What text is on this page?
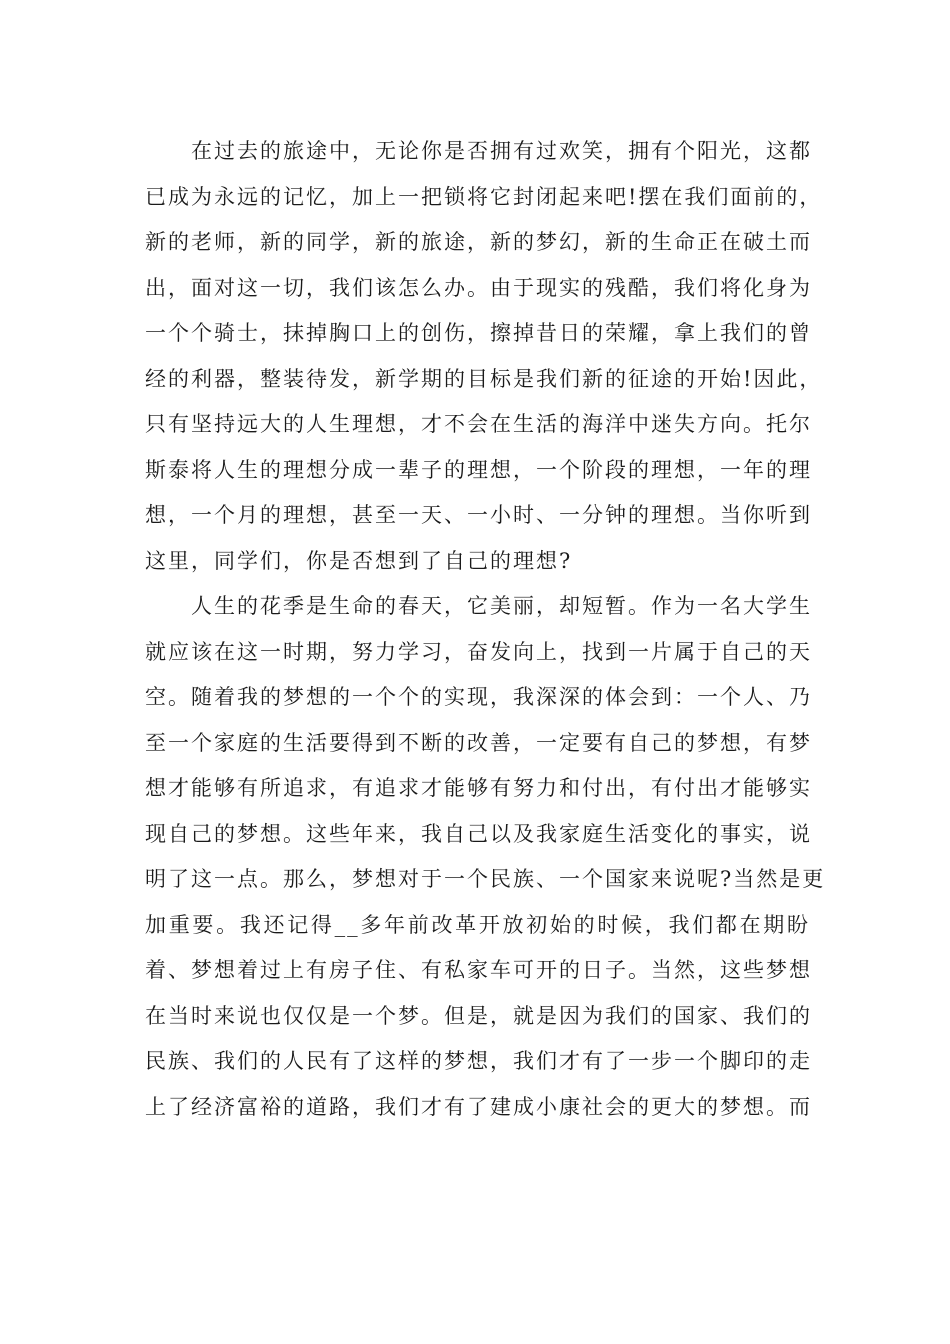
在过去的旅途中，无论你是否拥有过欢笑，拥有个阳光，这都
已成为永远的记忆，加上一把锁将它封闭起来吧!摆在我们面前的，
新的老师，新的同学，新的旅途，新的梦幻，新的生命正在破土而
出，面对这一切，我们该怎么办。由于现实的残酷，我们将化身为
一个个骑士，抹掉胸口上的创伤，擦掉昔日的荣耀，拿上我们的曾
经的利器，整装待发，新学期的目标是我们新的征途的开始!因此，
只有坚持远大的人生理想，才不会在生活的海洋中迷失方向。托尔
斯泰将人生的理想分成一辈子的理想，一个阶段的理想，一年的理
想，一个月的理想，甚至一天、一小时、一分钟的理想。当你听到
这里，同学们，你是否想到了自己的理想?
人生的花季是生命的春天，它美丽，却短暂。作为一名大学生
就应该在这一时期，努力学习，奋发向上，找到一片属于自己的天
空。随着我的梦想的一个个的实现，我深深的体会到：一个人、乃
至一个家庭的生活要得到不断的改善，一定要有自己的梦想，有梦
想才能够有所追求，有追求才能够有努力和付出，有付出才能够实
现自己的梦想。这些年来，我自己以及我家庭生活变化的事实，说
明了这一点。那么，梦想对于一个民族、一个国家来说呢?当然是更
加重要。我还记得__多年前改革开放初始的时候，我们都在期盼
着、梦想着过上有房子住、有私家车可开的日子。当然，这些梦想
在当时来说也仅仅是一个梦。但是，就是因为我们的国家、我们的
民族、我们的人民有了这样的梦想，我们才有了一步一个脚印的走
上了经济富裕的道路，我们才有了建成小康社会的更大的梦想。而
